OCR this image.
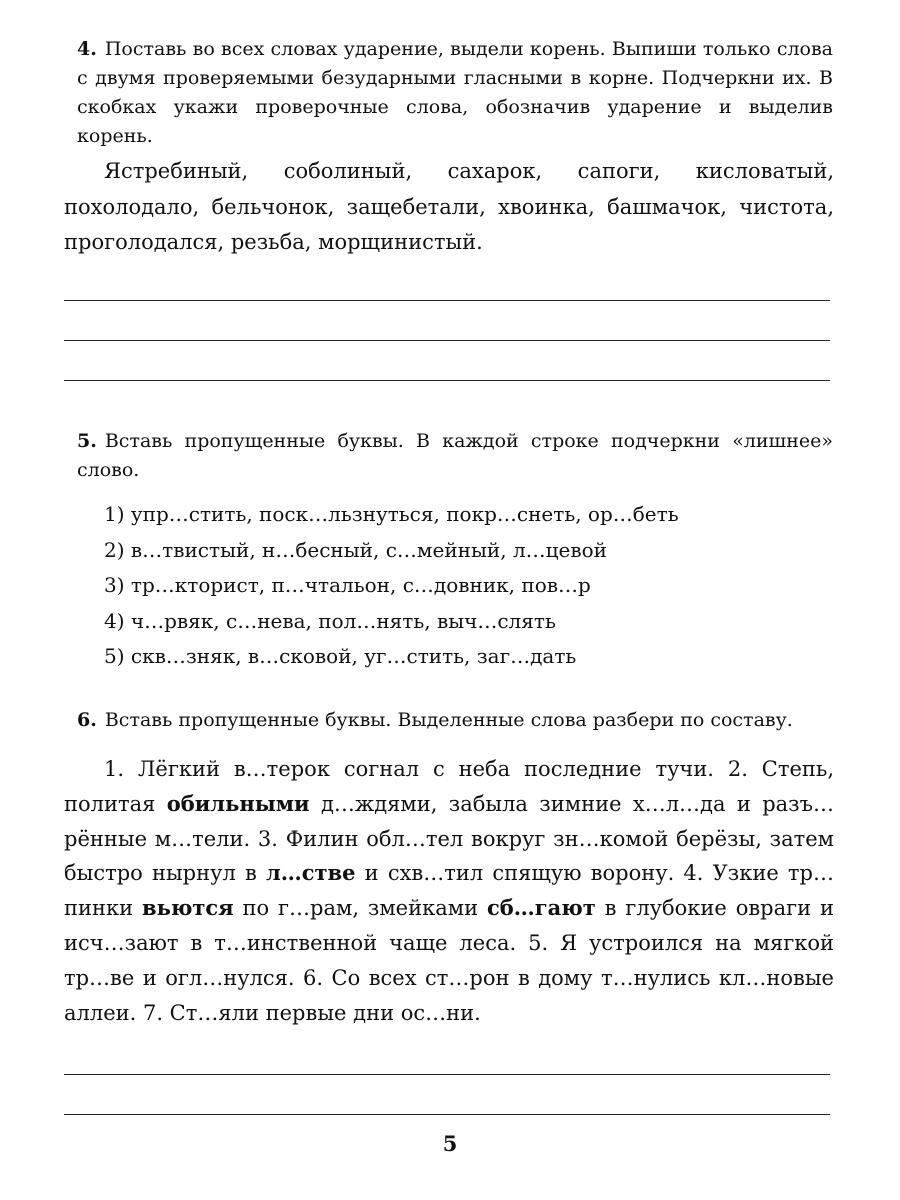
4. Поставь во всех словах ударение, выдели корень. Выпиши только слова с двумя проверяемыми безударными гласными в корне. Подчеркни их. В скобках укажи проверочные слова, обозначив ударение и выделив корень.
Ястребиный, соболиный, сахарок, сапоги, кисловатый, похолодало, бельчонок, защебетали, хвоинка, башмачок, чистота, проголодался, резьба, морщинистый.
5. Вставь пропущенные буквы. В каждой строке подчеркни «лишнее» слово.
1) упр…стить, поск…льзнуться, покр…снеть, ор…беть
2) в…твистый, н…бесный, с…мейный, л…цевой
3) тр…кторист, п…чтальон, с…довник, пов…р
4) ч…рвяк, с…нева, пол…нять, выч…слять
5) скв…зняк, в…сковой, уг…стить, заг…дать
6. Вставь пропущенные буквы. Выделенные слова разбери по составу.

1. Лёгкий в…терок согнал с неба последние тучи. 2. Степь, политая обильными д…ждями, забыла зимние х…л…да и разъ…рённые м…тели. 3. Филин обл…тел вокруг зн…комой берёзы, затем быстро нырнул в л…стве и схв…тил спящую ворону. 4. Узкие тр…пинки вьются по г…рам, змейками сб…гают в глубокие овраги и исч…зают в т…инственной чаще леса. 5. Я устроился на мягкой тр…ве и огл…нулся. 6. Со всех ст…рон в дому т…нулись кл…новые аллеи. 7. Ст…яли первые дни ос…ни.

5
